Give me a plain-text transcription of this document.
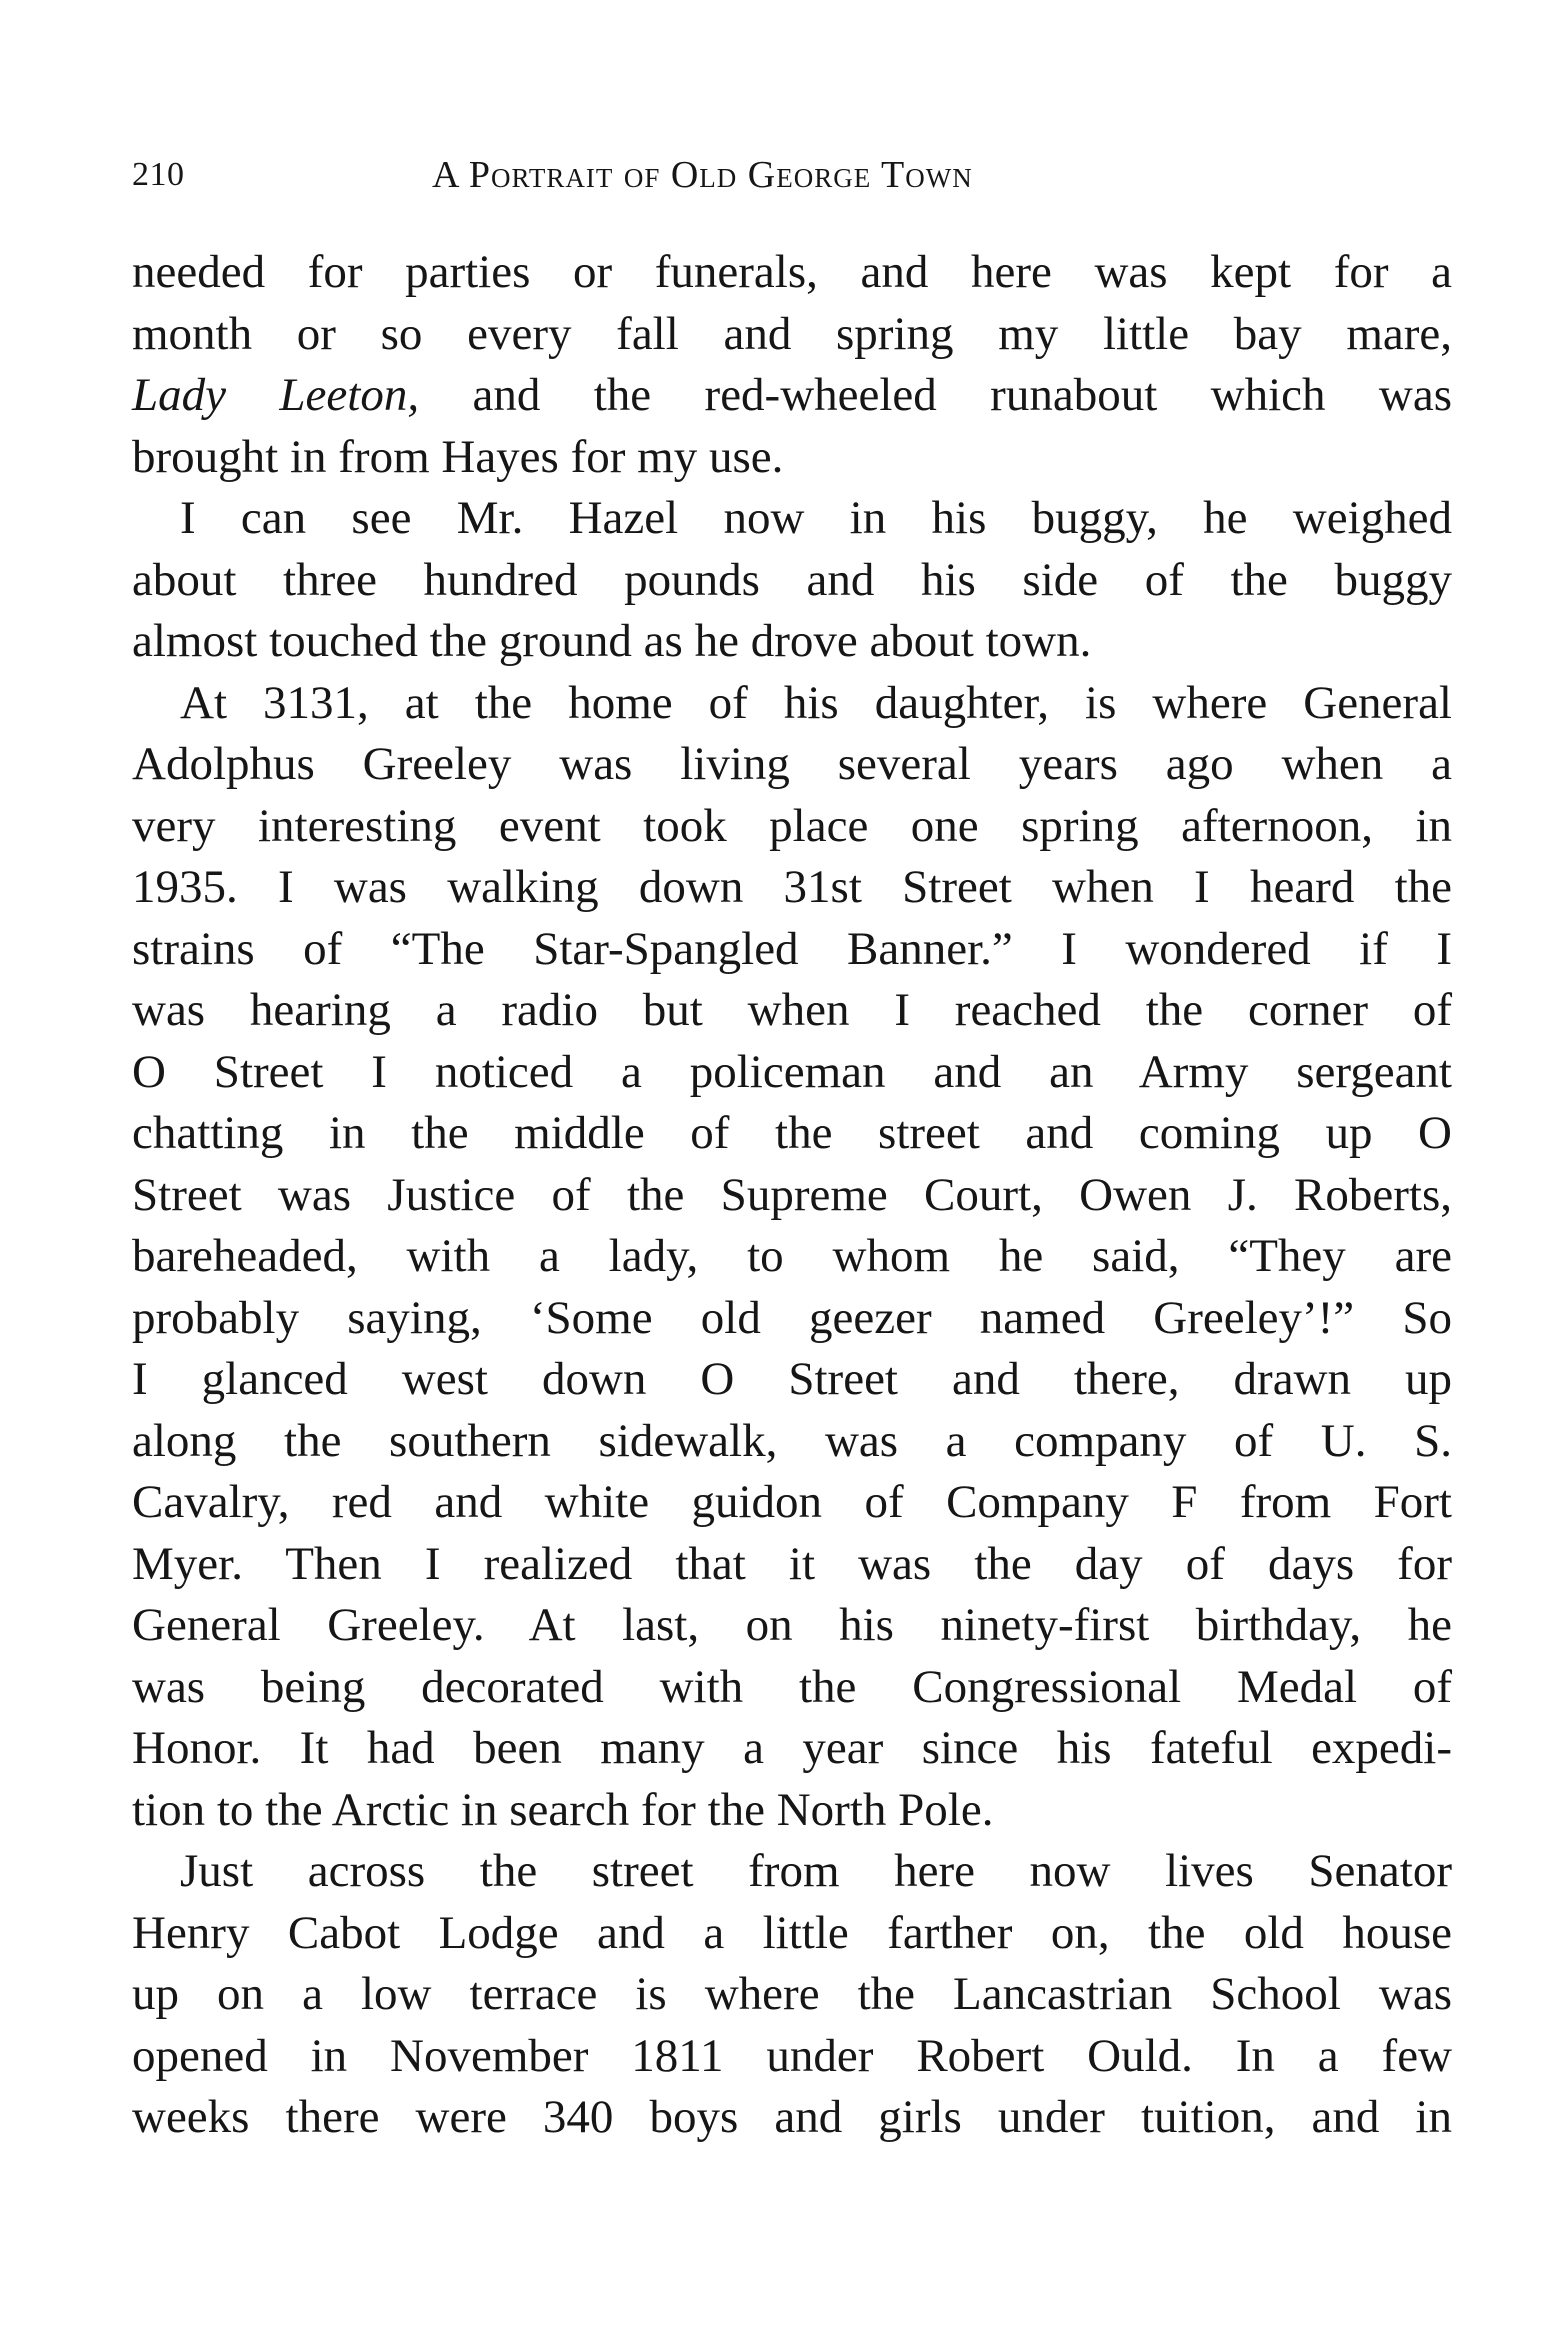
210	A Portrait of Old George Town
needed for parties or funerals, and here was kept for a
month or so every fall and spring my little bay mare,
Lady Leeton, and the red-wheeled runabout which was
brought in from Hayes for my use.
I can see Mr. Hazel now in his buggy, he weighed
about three hundred pounds and his side of the buggy
almost touched the ground as he drove about town.
At 3131, at the home of his daughter, is where General
Adolphus Greeley was living several years ago when a
very interesting event took place one spring afternoon, in
1935. I was walking down 31st Street when I heard the
strains of “The Star-Spangled Banner.” I wondered if I
was hearing a radio but when I reached the corner of
O Street I noticed a policeman and an Army sergeant
chatting in the middle of the street and coming up O
Street was Justice of the Supreme Court, Owen J. Roberts,
bareheaded, with a lady, to whom he said, “They are
probably saying, ‘Some old geezer named Greeley’!” So
I glanced west down O Street and there, drawn up
along the southern sidewalk, was a company of U. S.
Cavalry, red and white guidon of Company F from Fort
Myer. Then I realized that it was the day of days for
General Greeley. At last, on his ninety-first birthday, he
was being decorated with the Congressional Medal of
Honor. It had been many a year since his fateful expedi-
tion to the Arctic in search for the North Pole.
Just across the street from here now lives Senator
Henry Cabot Lodge and a little farther on, the old house
up on a low terrace is where the Lancastrian School was
opened in November 1811 under Robert Ould. In a few
weeks there were 340 boys and girls under tuition, and in
